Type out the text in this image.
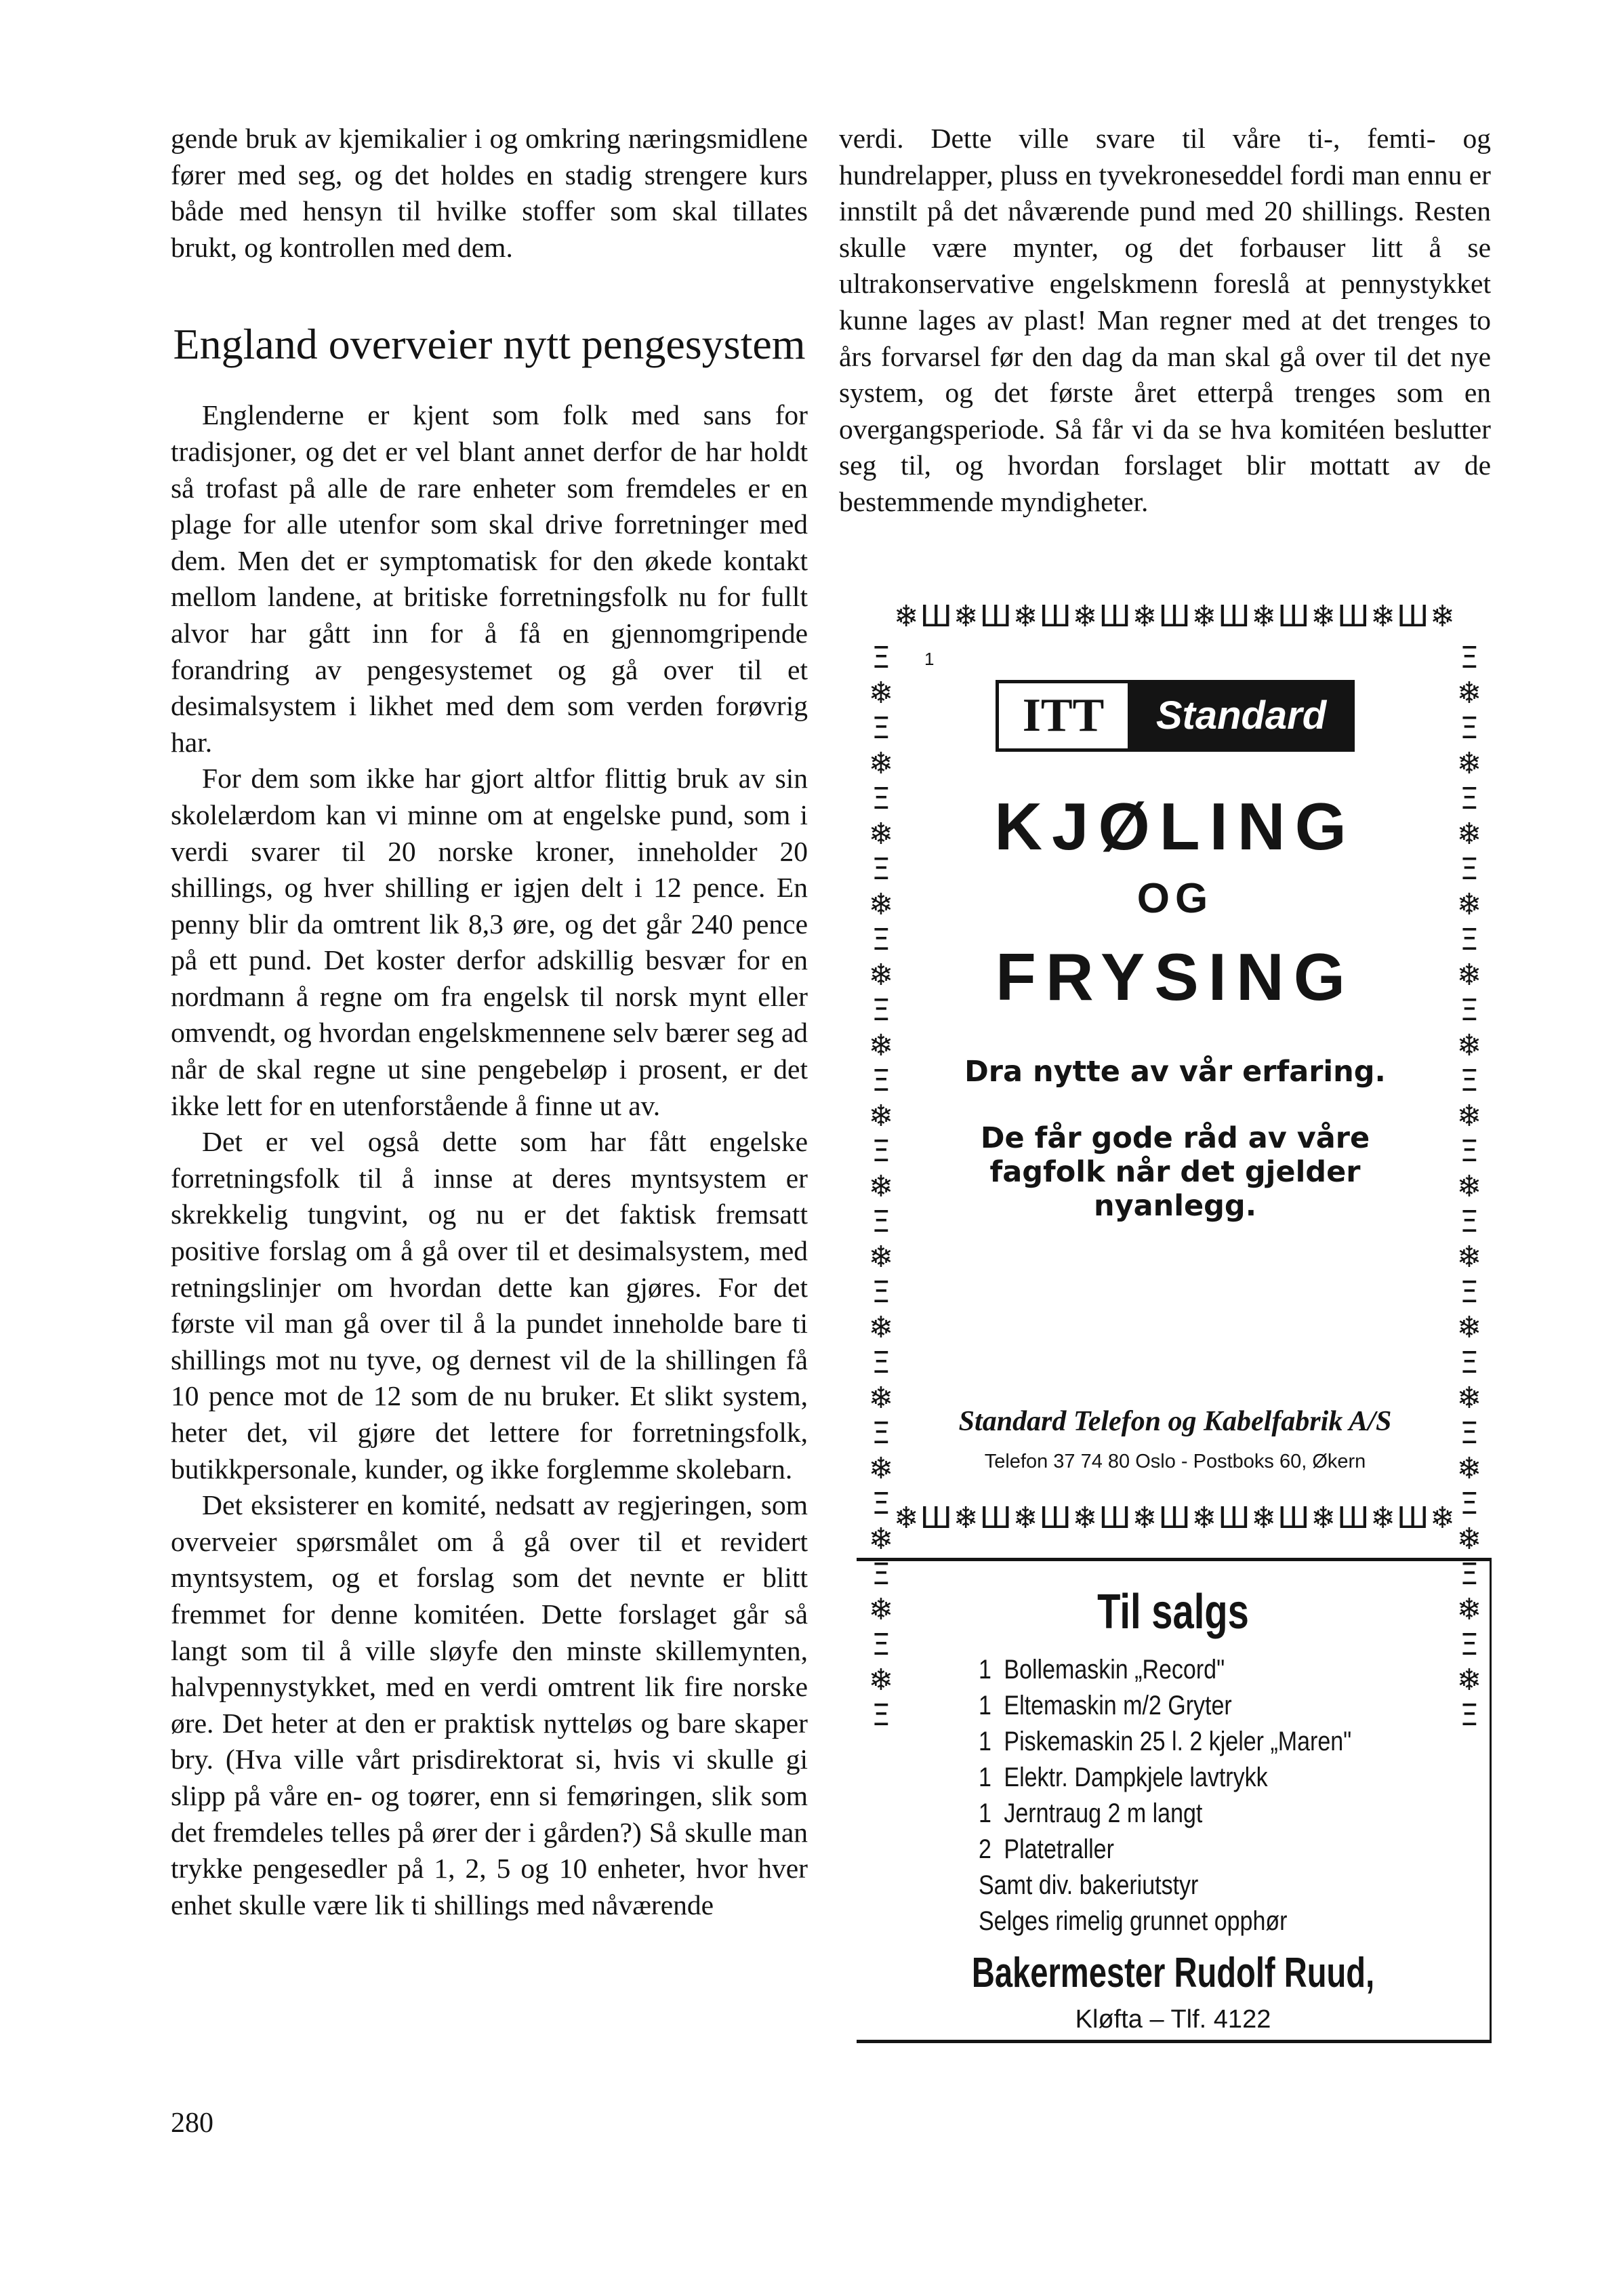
gende bruk av kjemikalier i og omkring næringsmidlene fører med seg, og det holdes en stadig strengere kurs både med hensyn til hvilke stoffer som skal tillates brukt, og kontrollen med dem.

England overveier nytt pengesystem

Englenderne er kjent som folk med sans for tradisjoner, og det er vel blant annet derfor de har holdt så trofast på alle de rare enheter som fremdeles er en plage for alle utenfor som skal drive forretninger med dem. Men det er symptomatisk for den økede kontakt mellom landene, at britiske forretningsfolk nu for fullt alvor har gått inn for å få en gjennomgripende forandring av pengesystemet og gå over til et desimalsystem i likhet med dem som verden forøvrig har.

For dem som ikke har gjort altfor flittig bruk av sin skolelærdom kan vi minne om at engelske pund, som i verdi svarer til 20 norske kroner, inneholder 20 shillings, og hver shilling er igjen delt i 12 pence. En penny blir da omtrent lik 8,3 øre, og det går 240 pence på ett pund. Det koster derfor adskillig besvær for en nordmann å regne om fra engelsk til norsk mynt eller omvendt, og hvordan engelskmennene selv bærer seg ad når de skal regne ut sine pengebeløp i prosent, er det ikke lett for en utenforstående å finne ut av.

Det er vel også dette som har fått engelske forretningsfolk til å innse at deres myntsystem er skrekkelig tungvint, og nu er det faktisk fremsatt positive forslag om å gå over til et desimalsystem, med retningslinjer om hvordan dette kan gjøres. For det første vil man gå over til å la pundet inneholde bare ti shillings mot nu tyve, og dernest vil de la shillingen få 10 pence mot de 12 som de nu bruker. Et slikt system, heter det, vil gjøre det lettere for forretningsfolk, butikkpersonale, kunder, og ikke forglemme skolebarn.

Det eksisterer en komité, nedsatt av regjeringen, som overveier spørsmålet om å gå over til et revidert myntsystem, og et forslag som det nevnte er blitt fremmet for denne komitéen. Dette forslaget går så langt som til å ville sløyfe den minste skillemynten, halvpennystykket, med en verdi omtrent lik fire norske øre. Det heter at den er praktisk nytteløs og bare skaper bry. (Hva ville vårt prisdirektorat si, hvis vi skulle gi slipp på våre en- og toører, enn si femøringen, slik som det fremdeles telles på ører der i gården?) Så skulle man trykke pengesedler på 1, 2, 5 og 10 enheter, hvor hver enhet skulle være lik ti shillings med nåværende

verdi. Dette ville svare til våre ti-, femti- og hundrelapper, pluss en tyvekroneseddel fordi man ennu er innstilt på det nåværende pund med 20 shillings. Resten skulle være mynter, og det forbauser litt å se ultrakonservative engelskmenn foreslå at pennystykket kunne lages av plast! Man regner med at det trenges to års forvarsel før den dag da man skal gå over til det nye system, og det første året etterpå trenges som en overgangsperiode. Så får vi da se hva komitéen beslutter seg til, og hvordan forslaget blir mottatt av de bestemmende myndigheter.

❄Ш❄Ш❄Ш❄Ш❄Ш❄Ш❄Ш❄Ш❄Ш❄
Ξ
❄
Ξ
❄
Ξ
❄
Ξ
❄
Ξ
❄
Ξ
❄
Ξ
❄
Ξ
❄
Ξ
❄
Ξ
❄
Ξ
❄
Ξ
❄
Ξ
❄
Ξ
❄
Ξ
❄
Ξ
Ξ
❄
Ξ
❄
Ξ
❄
Ξ
❄
Ξ
❄
Ξ
❄
Ξ
❄
Ξ
❄
Ξ
❄
Ξ
❄
Ξ
❄
Ξ
❄
Ξ
❄
Ξ
❄
Ξ
❄
Ξ
❄Ш❄Ш❄Ш❄Ш❄Ш❄Ш❄Ш❄Ш❄Ш❄
1
ITT	Standard
KJØLING
OG
FRYSING
Dra nytte av vår erfaring.
De får gode råd av våre fagfolk når det gjelder nyanlegg.
Standard Telefon og Kabelfabrik A/S
Telefon 37 74 80 Oslo - Postboks 60, Økern
Til salgs
1 Bollemaskin „Record"
1 Eltemaskin m/2 Gryter
1 Piskemaskin 25 l. 2 kjeler „Maren"
1 Elektr. Dampkjele lavtrykk
1 Jerntraug 2 m langt
2 Platetraller
Samt div. bakeriutstyr
Selges rimelig grunnet opphør
Bakermester Rudolf Ruud,
Kløfta – Tlf. 4122
280
